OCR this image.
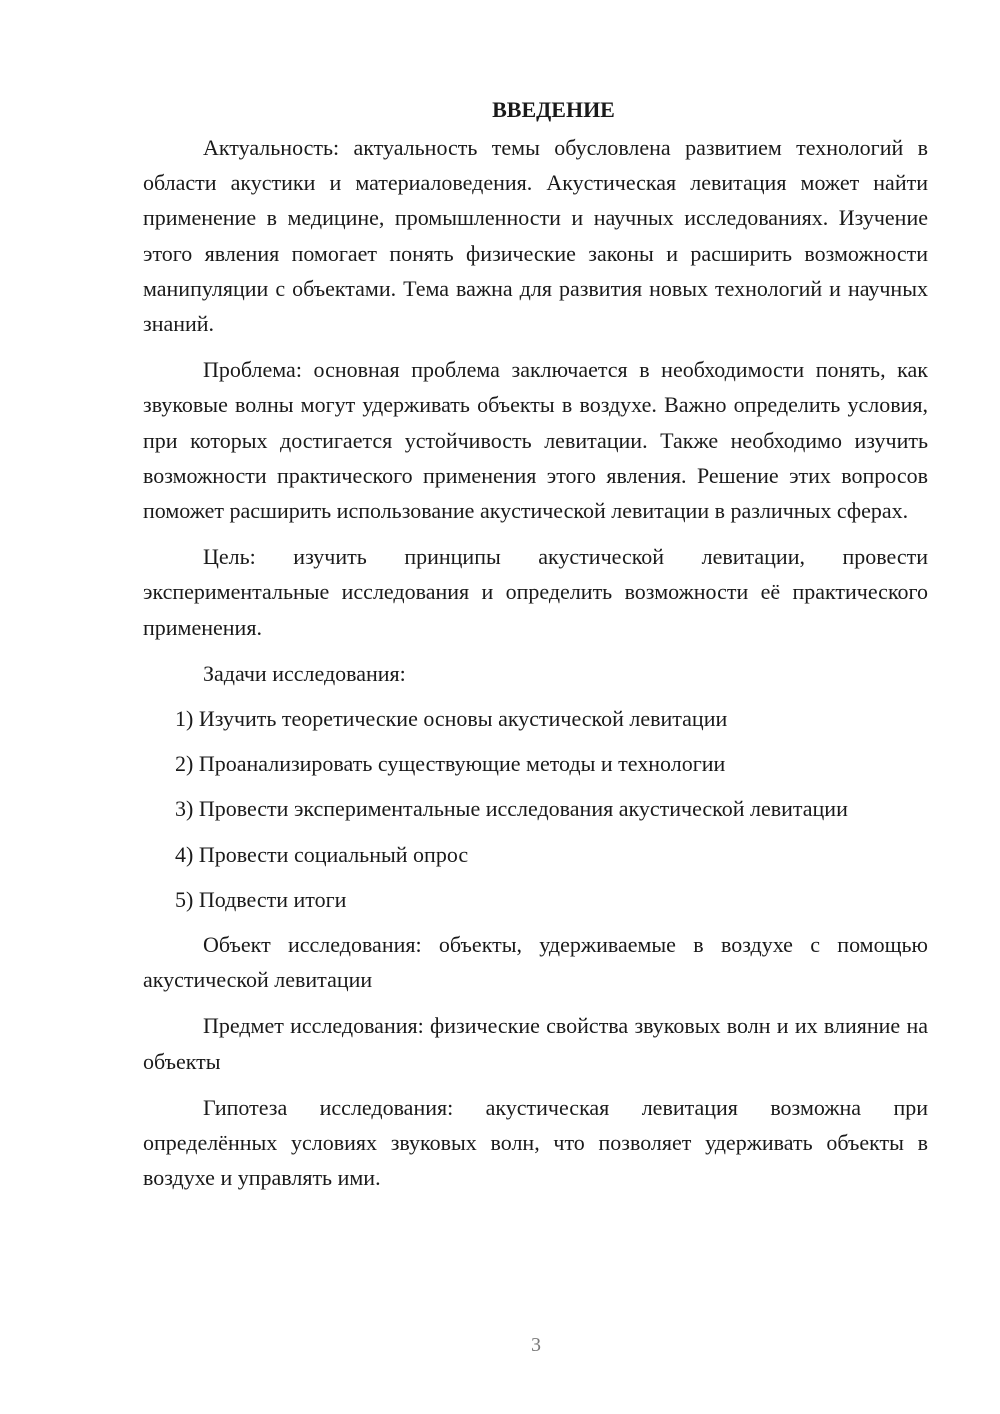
ВВЕДЕНИЕ

Актуальность: актуальность темы обусловлена развитием технологий в области акустики и материаловедения. Акустическая левитация может найти применение в медицине, промышленности и научных исследованиях. Изучение этого явления помогает понять физические законы и расширить возможности манипуляции с объектами. Тема важна для развития новых технологий и научных знаний.

Проблема: основная проблема заключается в необходимости понять, как звуковые волны могут удерживать объекты в воздухе. Важно определить условия, при которых достигается устойчивость левитации. Также необходимо изучить возможности практического применения этого явления. Решение этих вопросов поможет расширить использование акустической левитации в различных сферах.

Цель: изучить принципы акустической левитации, провести экспериментальные исследования и определить возможности её практического применения.

Задачи исследования:

1) Изучить теоретические основы акустической левитации

2) Проанализировать существующие методы и технологии

3) Провести экспериментальные исследования акустической левитации

4) Провести социальный опрос

5) Подвести итоги

Объект исследования: объекты, удерживаемые в воздухе с помощью акустической левитации

Предмет исследования: физические свойства звуковых волн и их влияние на объекты

Гипотеза исследования: акустическая левитация возможна при определённых условиях звуковых волн, что позволяет удерживать объекты в воздухе и управлять ими.

3
